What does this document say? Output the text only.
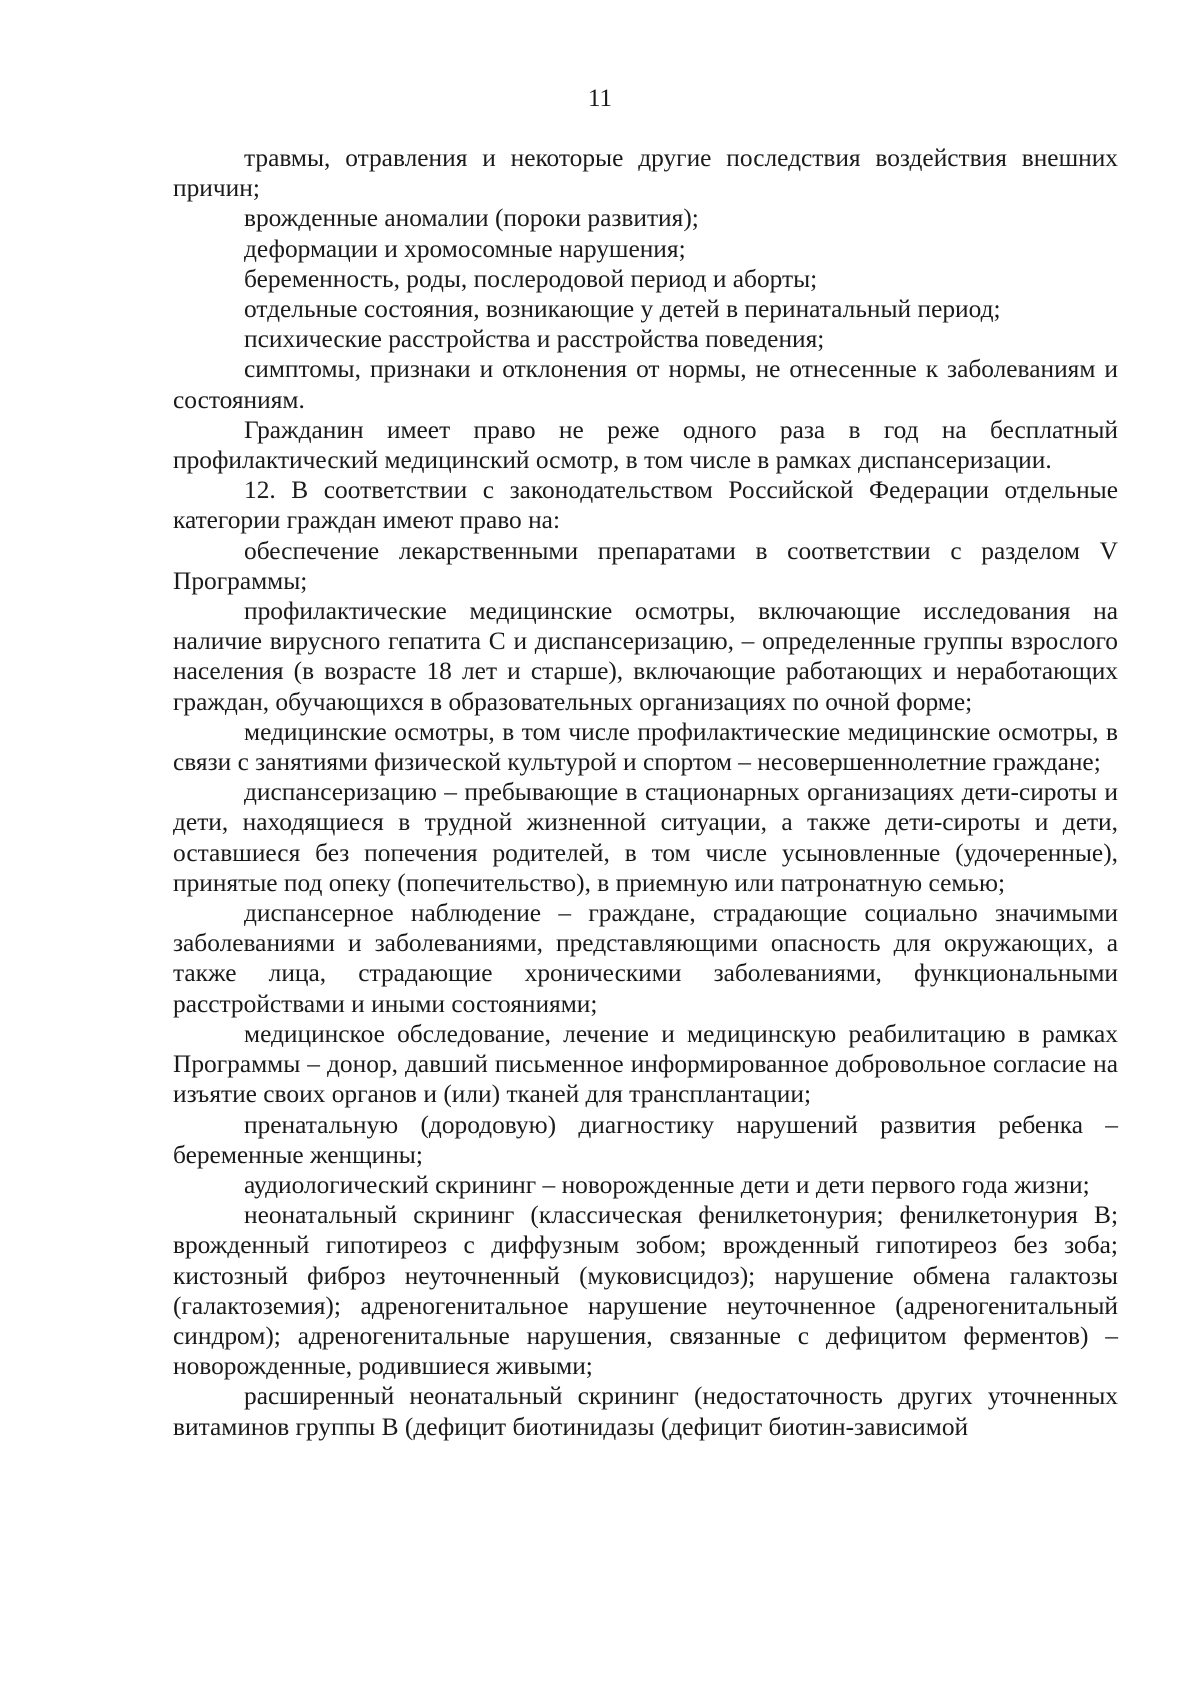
11

травмы, отравления и некоторые другие последствия воздействия внешних причин;

врожденные аномалии (пороки развития);

деформации и хромосомные нарушения;

беременность, роды, послеродовой период и аборты;

отдельные состояния, возникающие у детей в перинатальный период;

психические расстройства и расстройства поведения;

симптомы, признаки и отклонения от нормы, не отнесенные к заболеваниям и состояниям.

Гражданин имеет право не реже одного раза в год на бесплатный профилактический медицинский осмотр, в том числе в рамках диспансеризации.

12. В соответствии с законодательством Российской Федерации отдельные категории граждан имеют право на:

обеспечение лекарственными препаратами в соответствии с разделом V Программы;

профилактические медицинские осмотры, включающие исследования на наличие вирусного гепатита С и диспансеризацию, – определенные группы взрослого населения (в возрасте 18 лет и старше), включающие работающих и неработающих граждан, обучающихся в образовательных организациях по очной форме;

медицинские осмотры, в том числе профилактические медицинские осмотры, в связи с занятиями физической культурой и спортом – несовершеннолетние граждане;

диспансеризацию – пребывающие в стационарных организациях дети-сироты и дети, находящиеся в трудной жизненной ситуации, а также дети-сироты и дети, оставшиеся без попечения родителей, в том числе усыновленные (удочеренные), принятые под опеку (попечительство), в приемную или патронатную семью;

диспансерное наблюдение – граждане, страдающие социально значимыми заболеваниями и заболеваниями, представляющими опасность для окружающих, а также лица, страдающие хроническими заболеваниями, функциональными расстройствами и иными состояниями;

медицинское обследование, лечение и медицинскую реабилитацию в рамках Программы – донор, давший письменное информированное добровольное согласие на изъятие своих органов и (или) тканей для трансплантации;

пренатальную (дородовую) диагностику нарушений развития ребенка – беременные женщины;

аудиологический скрининг – новорожденные дети и дети первого года жизни;

неонатальный скрининг (классическая фенилкетонурия; фенилкетонурия B; врожденный гипотиреоз с диффузным зобом; врожденный гипотиреоз без зоба; кистозный фиброз неуточненный (муковисцидоз); нарушение обмена галактозы (галактоземия); адреногенитальное нарушение неуточненное (адреногенитальный синдром); адреногенитальные нарушения, связанные с дефицитом ферментов) – новорожденные, родившиеся живыми;

расширенный неонатальный скрининг (недостаточность других уточненных витаминов группы B (дефицит биотинидазы (дефицит биотин-зависимой
